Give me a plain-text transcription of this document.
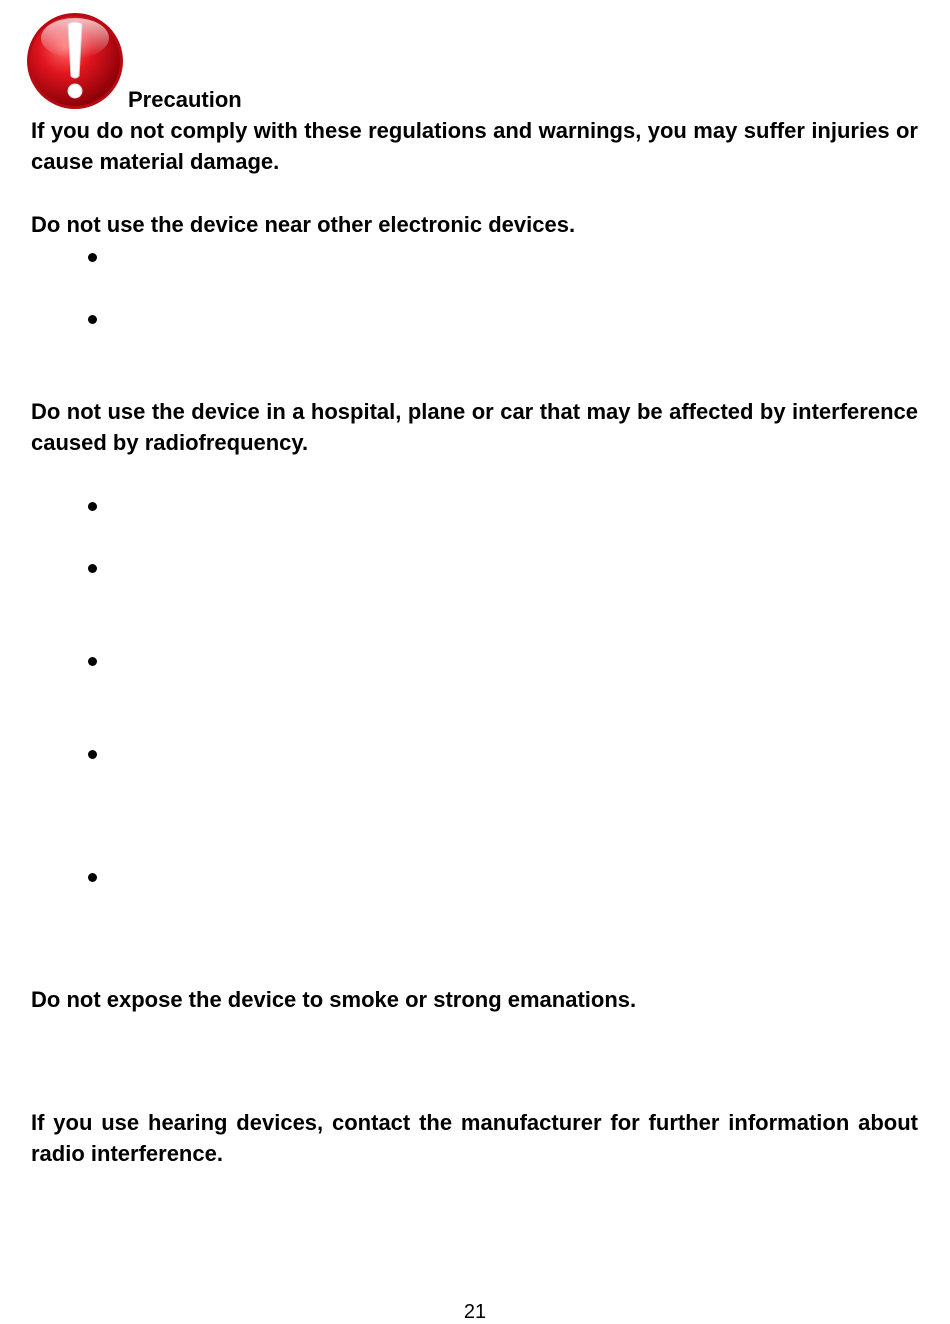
Precaution

If you do not comply with these regulations and warnings, you may suffer injuries or cause material damage.

Do not use the device near other electronic devices.

Do not use the device in a hospital, plane or car that may be affected by interference caused by radiofrequency.

Do not expose the device to smoke or strong emanations.

If you use hearing devices, contact the manufacturer for further information about radio interference.

21
